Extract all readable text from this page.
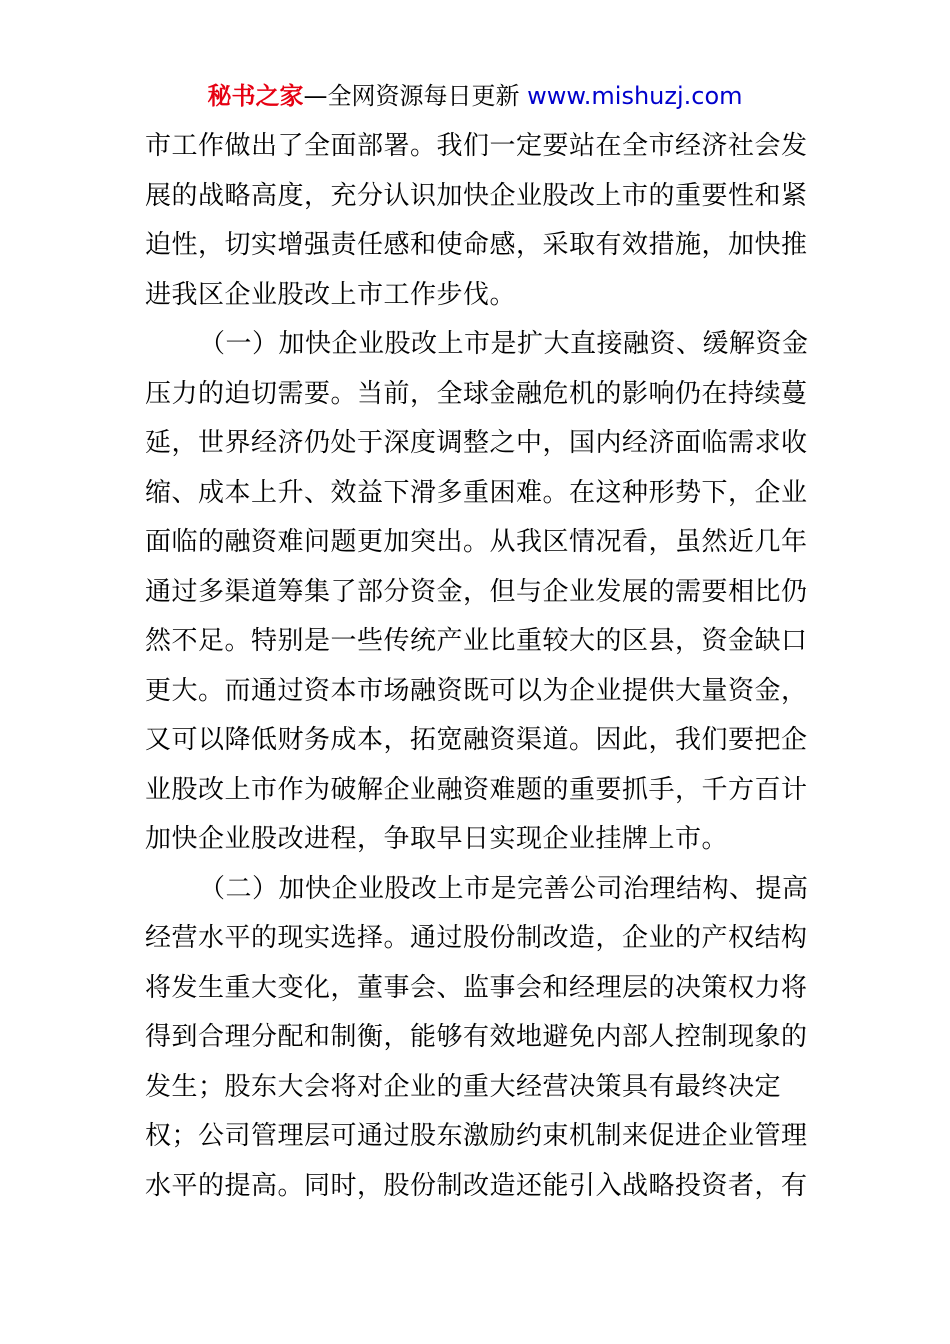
秘书之家—全网资源每日更新 www.mishuzj.com
市工作做出了全面部署。我们一定要站在全市经济社会发
展的战略高度，充分认识加快企业股改上市的重要性和紧
迫性，切实增强责任感和使命感，采取有效措施，加快推
进我区企业股改上市工作步伐。
（一）加快企业股改上市是扩大直接融资、缓解资金
压力的迫切需要。当前，全球金融危机的影响仍在持续蔓
延，世界经济仍处于深度调整之中，国内经济面临需求收
缩、成本上升、效益下滑多重困难。在这种形势下，企业
面临的融资难问题更加突出。从我区情况看，虽然近几年
通过多渠道筹集了部分资金，但与企业发展的需要相比仍
然不足。特别是一些传统产业比重较大的区县，资金缺口
更大。而通过资本市场融资既可以为企业提供大量资金，
又可以降低财务成本，拓宽融资渠道。因此，我们要把企
业股改上市作为破解企业融资难题的重要抓手，千方百计
加快企业股改进程，争取早日实现企业挂牌上市。
（二）加快企业股改上市是完善公司治理结构、提高
经营水平的现实选择。通过股份制改造，企业的产权结构
将发生重大变化，董事会、监事会和经理层的决策权力将
得到合理分配和制衡，能够有效地避免内部人控制现象的
发生；股东大会将对企业的重大经营决策具有最终决定
权；公司管理层可通过股东激励约束机制来促进企业管理
水平的提高。同时，股份制改造还能引入战略投资者，有
